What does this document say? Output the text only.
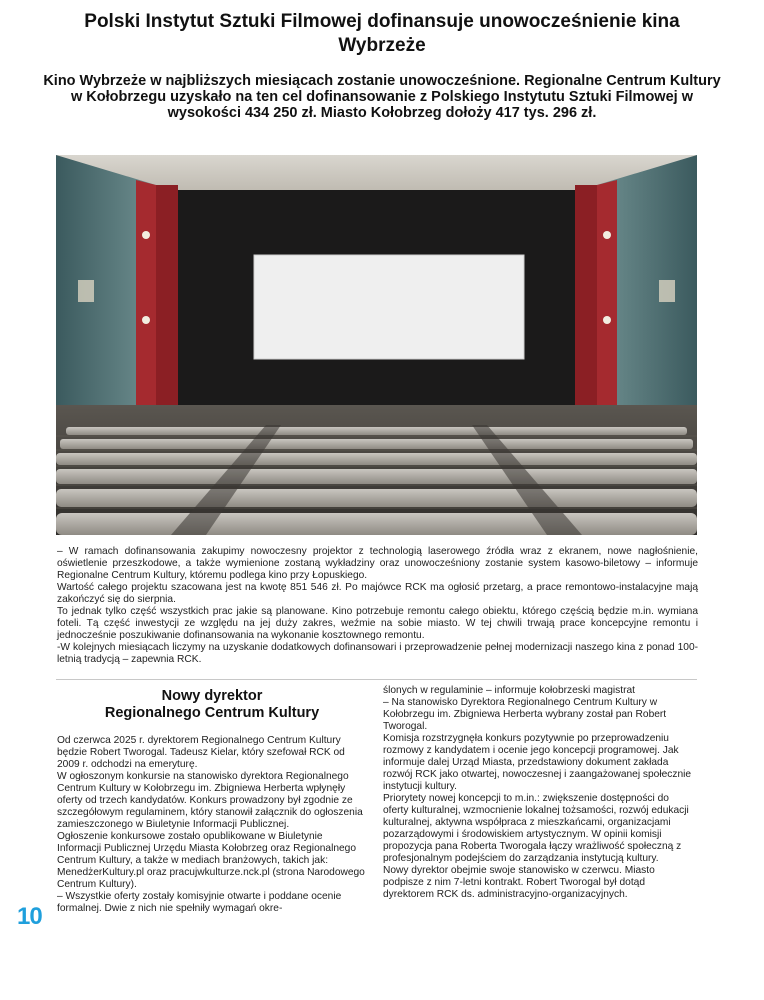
Polski Instytut Sztuki Filmowej dofinansuje unowocześnienie kina Wybrzeże

Kino Wybrzeże w najbliższych miesiącach zostanie unowocześnione. Regionalne Centrum Kultury w Kołobrzegu uzyskało na ten cel dofinansowanie z Polskiego Instytutu Sztuki Filmowej w wysokości 434 250 zł. Miasto Kołobrzeg dołoży 417 tys. 296 zł.

– W ramach dofinansowania zakupimy nowoczesny projektor z technologią laserowego źródła wraz z ekranem, nowe nagłośnienie, oświetlenie przeszkodowe, a także wymienione zostaną wykładziny oraz unowocześniony zostanie system kasowo-biletowy – informuje Regionalne Centrum Kultury, któremu podlega kino przy Łopuskiego.

Wartość całego projektu szacowana jest na kwotę 851 546 zł. Po majówce RCK ma ogłosić przetarg, a prace remontowo-instalacyjne mają zakończyć się do sierpnia.

To jednak tylko część wszystkich prac jakie są planowane. Kino potrzebuje remontu całego obiektu, którego częścią będzie m.in. wymiana foteli. Tą część inwestycji ze względu na jej duży zakres, weźmie na sobie miasto. W tej chwili trwają prace koncepcyjne remontu i jednocześnie poszukiwanie dofinansowania na wykonanie kosztownego remontu.

-W kolejnych miesiącach liczymy na uzyskanie dodatkowych dofinansowari i przeprowadzenie pełnej modernizacji naszego kina z ponad 100-letnią tradycją – zapewnia RCK.

Nowy dyrektor
Regionalnego Centrum Kultury

Od czerwca 2025 r. dyrektorem Regionalnego Centrum Kultury będzie Robert Tworogal. Tadeusz Kielar, który szefował RCK od 2009 r. odchodzi na emeryturę.

W ogłoszonym konkursie na stanowisko dyrektora Regionalnego Centrum Kultury w Kołobrzegu im. Zbigniewa Herberta wpłynęły oferty od trzech kandydatów. Konkurs prowadzony był zgodnie ze szczegółowym regulaminem, który stanowił załącznik do ogłoszenia zamieszczonego w Biuletynie Informacji Publicznej.

Ogłoszenie konkursowe zostało opublikowane w Biuletynie Informacji Publicznej Urzędu Miasta Kołobrzeg oraz Regionalnego Centrum Kultury, a także w mediach branżowych, takich jak: MenedżerKultury.pl oraz pracujwkulturze.nck.pl (strona Narodowego Centrum Kultury).

– Wszystkie oferty zostały komisyjnie otwarte i poddane ocenie formalnej. Dwie z nich nie spełniły wymagań okre-

ślonych w regulaminie – informuje kołobrzeski magistrat

– Na stanowisko Dyrektora Regionalnego Centrum Kultury w Kołobrzegu im. Zbigniewa Herberta wybrany został pan Robert Tworogal.

Komisja rozstrzygnęła konkurs pozytywnie po przeprowadzeniu rozmowy z kandydatem i ocenie jego koncepcji programowej. Jak informuje dalej Urząd Miasta, przedstawiony dokument zakłada rozwój RCK jako otwartej, nowoczesnej i zaangażowanej społecznie instytucji kultury.

Priorytety nowej koncepcji to m.in.: zwiększenie dostępności do oferty kulturalnej, wzmocnienie lokalnej tożsamości, rozwój edukacji kulturalnej, aktywna współpraca z mieszkańcami, organizacjami pozarządowymi i środowiskiem artystycznym. W opinii komisji propozycja pana Roberta Tworogala łączy wrażliwość społeczną z profesjonalnym podejściem do zarządzania instytucją kultury.

Nowy dyrektor obejmie swoje stanowisko w czerwcu. Miasto podpisze z nim 7-letni kontrakt. Robert Tworogal był dotąd dyrektorem RCK ds. administracyjno-organizacyjnych.

10
